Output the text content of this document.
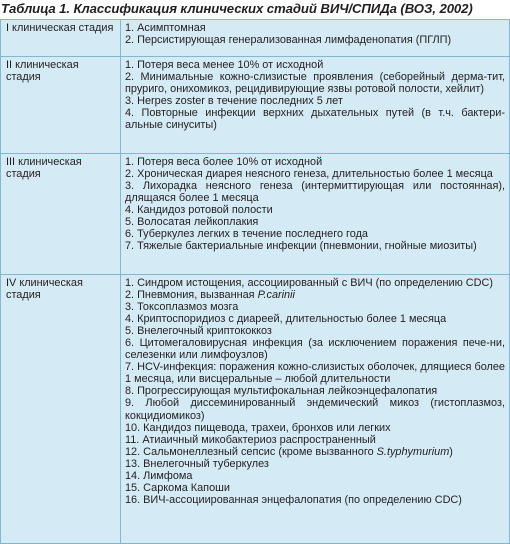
Таблица 1. Классификация клинических стадий ВИЧ/СПИДа (ВОЗ, 2002)
I клиническая стадия 1. Асимптомная
2. Персистирующая генерализованная лимфаденопатия (ПГЛП)
II клиническая стадия
1. Потеря веса менее 10% от исходной
2. Минимальные кожно-слизистые проявления (себорейный дерма-тит, пруриго, онихомикоз, рецидивирующие язвы ротовой полости, хейлит)
3. Herpes zoster в течение последних 5 лет
4. Повторные инфекции верхних дыхательных путей (в т.ч. бактери-альные синуситы)
III клиническая стадия
1. Потеря веса более 10% от исходной
2. Хроническая диарея неясного генеза, длительностью более 1 месяца
3. Лихорадка неясного генеза (интермиттирующая или постоянная), длящаяся более 1 месяца
4. Кандидоз ротовой полости
5. Волосатая лейкоплакия
6. Туберкулез легких в течение последнего года
7. Тяжелые бактериальные инфекции (пневмонии, гнойные миозиты)
IV клиническая стадия
1. Синдром истощения, ассоциированный с ВИЧ (по определению CDC)
2. Пневмония, вызванная P.carinii
3. Токсоплазмоз мозга
4. Криптоспоридиоз с диареей, длительностью более 1 месяца
5. Внелегочный криптококкоз
6. Цитомегаловирусная инфекция (за исключением поражения пече-ни, селезенки или лимфоузлов)
7. HCV-инфекция: поражения кожно-слизистых оболочек, длящиеся более 1 месяца, или висцеральные – любой длительности
8. Прогрессирующая мультифокальная лейкоэнцефалопатия
9. Любой диссеминированный эндемический микоз (гистоплазмоз, кокцидиомикоз)
10. Кандидоз пищевода, трахеи, бронхов или легких
11. Атиаичный микобактериоз распространенный
12. Сальмонеллезный сепсис (кроме вызванного S.typhymurium)
13. Внелегочный туберкулез
14. Лимфома
15. Саркома Капоши
16. ВИЧ-ассоциированная энцефалопатия (по определению CDC)
